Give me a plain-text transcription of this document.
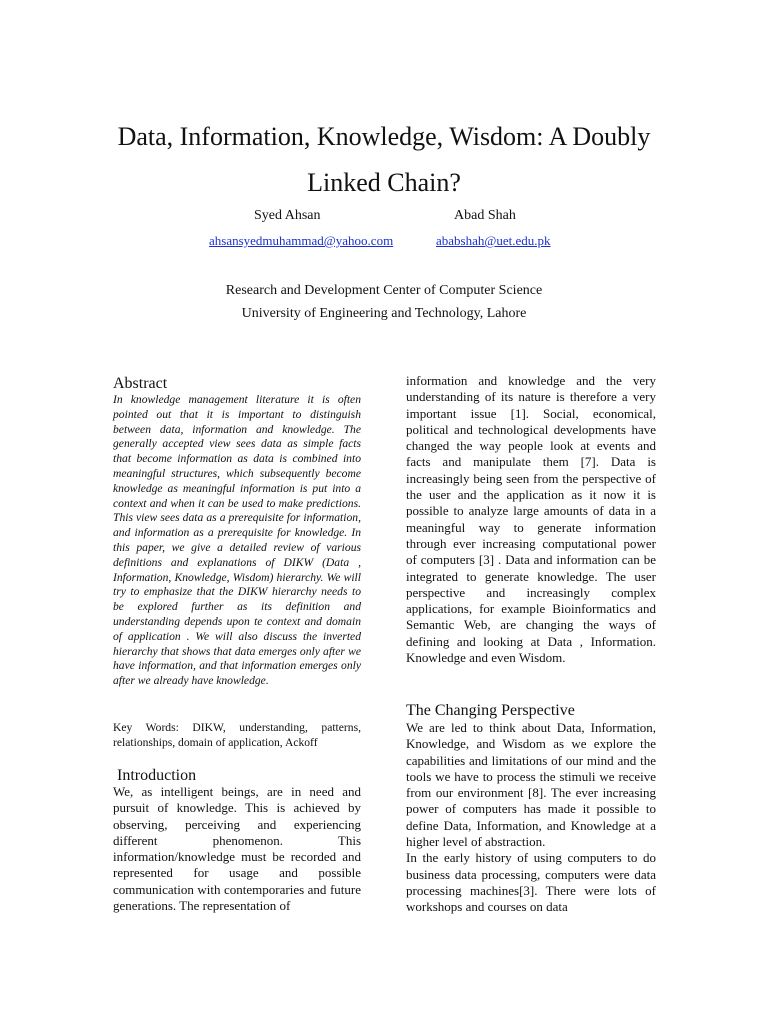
Data, Information, Knowledge, Wisdom: A Doubly Linked Chain?
Syed Ahsan	Abad Shah
ahsansyedmuhammad@yahoo.com	ababshah@uet.edu.pk
Research and Development Center of Computer Science
University of Engineering and Technology, Lahore
Abstract

In knowledge management literature it is often pointed out that it is important to distinguish between data, information and knowledge. The generally accepted view sees data as simple facts that become information as data is combined into meaningful structures, which subsequently become knowledge as meaningful information is put into a context and when it can be used to make predictions. This view sees data as a prerequisite for information, and information as a prerequisite for knowledge. In this paper, we give a detailed review of various definitions and explanations of DIKW (Data , Information, Knowledge, Wisdom) hierarchy. We will try to emphasize that the DIKW hierarchy needs to be explored further as its definition and understanding depends upon te context and domain of application . We will also discuss the inverted hierarchy that shows that data emerges only after we have information, and that information emerges only after we already have knowledge.

Key Words: DIKW, understanding, patterns, relationships, domain of application, Ackoff

Introduction

We, as intelligent beings, are in need and pursuit of knowledge. This is achieved by observing, perceiving and experiencing different phenomenon. This information/knowledge must be recorded and represented for usage and possible communication with contemporaries and future generations. The representation of

information and knowledge and the very understanding of its nature is therefore a very important issue [1]. Social, economical, political and technological developments have changed the way people look at events and facts and manipulate them [7]. Data is increasingly being seen from the perspective of the user and the application as it now it is possible to analyze large amounts of data in a meaningful way to generate information through ever increasing computational power of computers [3] . Data and information can be integrated to generate knowledge. The user perspective and increasingly complex applications, for example Bioinformatics and Semantic Web, are changing the ways of defining and looking at Data , Information. Knowledge and even Wisdom.

The Changing Perspective

We are led to think about Data, Information, Knowledge, and Wisdom as we explore the capabilities and limitations of our mind and the tools we have to process the stimuli we receive from our environment [8]. The ever increasing power of computers has made it possible to define Data, Information, and Knowledge at a higher level of abstraction.

In the early history of using computers to do business data processing, computers were data processing machines[3]. There were lots of workshops and courses on data
